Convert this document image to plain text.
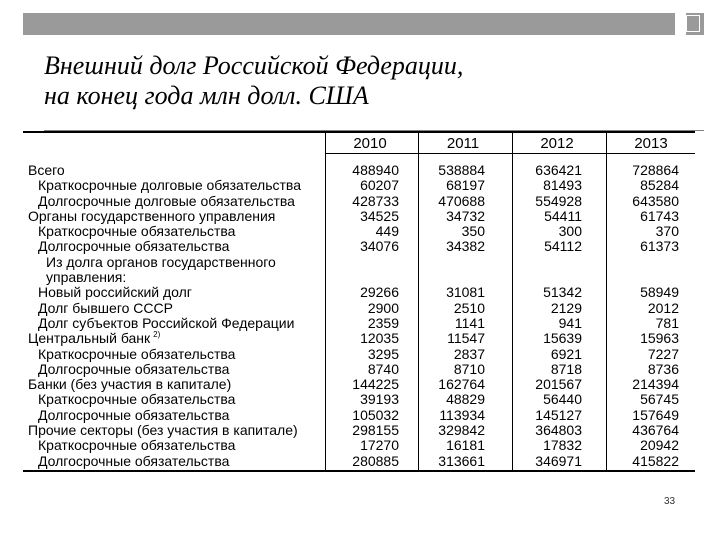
Внешний долг Российской Федерации,
на конец года млн долл. США
2010	2011	2012	2013
Всего	488940	538884	636421	728864
Краткосрочные долговые обязательства	60207	68197	81493	85284
Долгосрочные долговые обязательства	428733	470688	554928	643580
Органы государственного управления	34525	34732	54411	61743
Краткосрочные обязательства	449	350	300	370
Долгосрочные обязательства	34076	34382	54112	61373
Из долга органов государственного
управления:
Новый российский долг	29266	31081	51342	58949
Долг бывшего СССР	2900	2510	2129	2012
Долг субъектов Российской Федерации	2359	1141	941	781
Центральный банк $^{2)}$	12035	11547	15639	15963
Краткосрочные обязательства	3295	2837	6921	7227
Долгосрочные обязательства	8740	8710	8718	8736
Банки (без участия в капитале)	144225	162764	201567	214394
Краткосрочные обязательства	39193	48829	56440	56745
Долгосрочные обязательства	105032	113934	145127	157649
Прочие секторы (без участия в капитале)	298155	329842	364803	436764
Краткосрочные обязательства	17270	16181	17832	20942
Долгосрочные обязательства	280885	313661	346971	415822
33
